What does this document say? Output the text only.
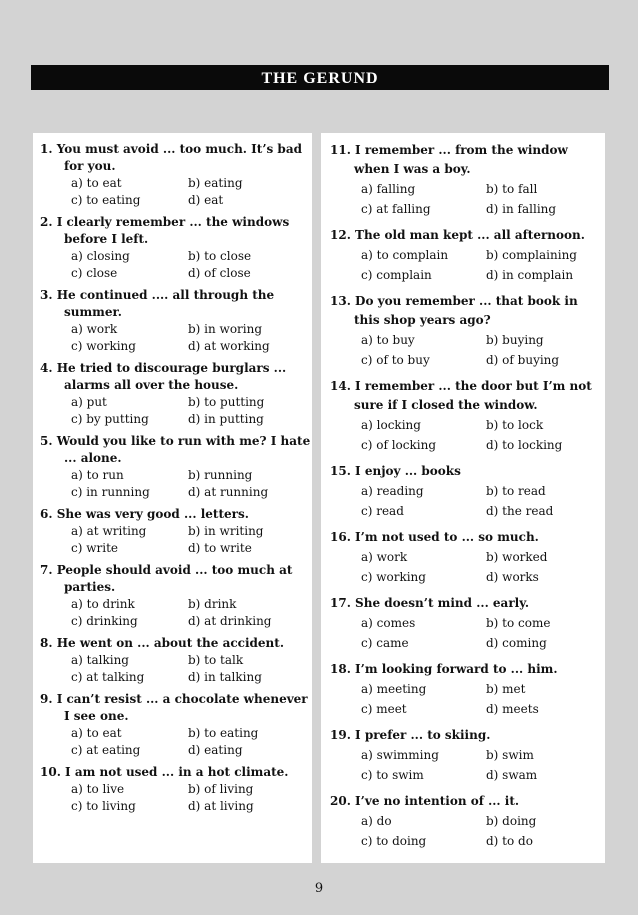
THE GERUND
1. You must avoid ... too much. It’s bad for you.
a) to eat	b) eating
c) to eating	d) eat
2. I clearly remember ... the windows before I left.
a) closing	b) to close
c) close	d) of close
3. He continued .... all through the summer.
a) work	b) in woring
c) working	d) at working
4. He tried to discourage burglars ... alarms all over the house.
a) put	b) to putting
c) by putting	d) in putting
5. Would you like to run with me? I hate ... alone.
a) to run	b) running
c) in running	d) at running
6. She was very good ... letters.
a) at writing	b) in writing
c) write	d) to write
7. People should avoid ... too much at parties.
a) to drink	b) drink
c) drinking	d) at drinking
8. He went on ... about the accident.
a) talking	b) to talk
c) at talking	d) in talking
9. I can’t resist ... a chocolate whenever I see one.
a) to eat	b) to eating
c) at eating	d) eating
10. I am not used ... in a hot climate.
a) to live	b) of living
c) to living	d) at living
11. I remember ... from the window when I was a boy.
a) falling	b) to fall
c) at falling	d) in falling
12. The old man kept ... all afternoon.
a) to complain	b) complaining
c) complain	d) in complain
13. Do you remember ... that book in this shop years ago?
a) to buy	b) buying
c) of to buy	d) of buying
14. I remember ... the door but I’m not sure if I closed the window.
a) locking	b) to lock
c) of locking	d) to locking
15. I enjoy ... books
a) reading	b) to read
c) read	d) the read
16. I’m not used to ... so much.
a) work	b) worked
c) working	d) works
17. She doesn’t mind ... early.
a) comes	b) to come
c) came	d) coming
18. I’m looking forward to ... him.
a) meeting	b) met
c) meet	d) meets
19. I prefer ... to skiing.
a) swimming	b) swim
c) to swim	d) swam
20. I’ve no intention of ... it.
a) do	b) doing
c) to doing	d) to do
9
